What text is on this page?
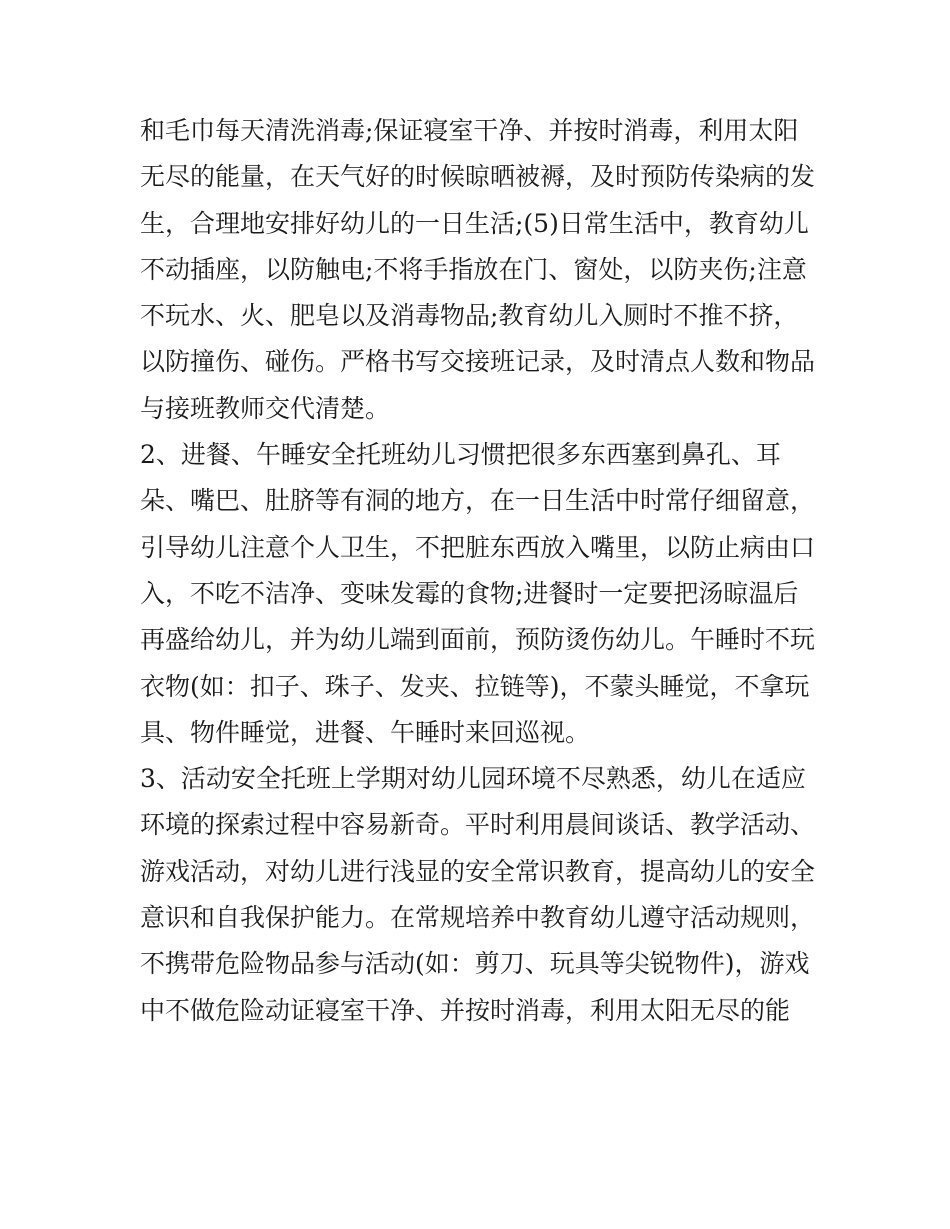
和毛巾每天清洗消毒;保证寝室干净、并按时消毒，利用太阳
无尽的能量，在天气好的时候晾晒被褥，及时预防传染病的发
生，合理地安排好幼儿的一日生活;(5)日常生活中，教育幼儿
不动插座，以防触电;不将手指放在门、窗处，以防夹伤;注意
不玩水、火、肥皂以及消毒物品;教育幼儿入厕时不推不挤，
以防撞伤、碰伤。严格书写交接班记录，及时清点人数和物品
与接班教师交代清楚。
2、进餐、午睡安全托班幼儿习惯把很多东西塞到鼻孔、耳
朵、嘴巴、肚脐等有洞的地方，在一日生活中时常仔细留意，
引导幼儿注意个人卫生，不把脏东西放入嘴里，以防止病由口
入，不吃不洁净、变味发霉的食物;进餐时一定要把汤晾温后
再盛给幼儿，并为幼儿端到面前，预防烫伤幼儿。午睡时不玩
衣物(如：扣子、珠子、发夹、拉链等)，不蒙头睡觉，不拿玩
具、物件睡觉，进餐、午睡时来回巡视。
3、活动安全托班上学期对幼儿园环境不尽熟悉，幼儿在适应
环境的探索过程中容易新奇。平时利用晨间谈话、教学活动、
游戏活动，对幼儿进行浅显的安全常识教育，提高幼儿的安全
意识和自我保护能力。在常规培养中教育幼儿遵守活动规则，
不携带危险物品参与活动(如：剪刀、玩具等尖锐物件)，游戏
中不做危险动证寝室干净、并按时消毒，利用太阳无尽的能
